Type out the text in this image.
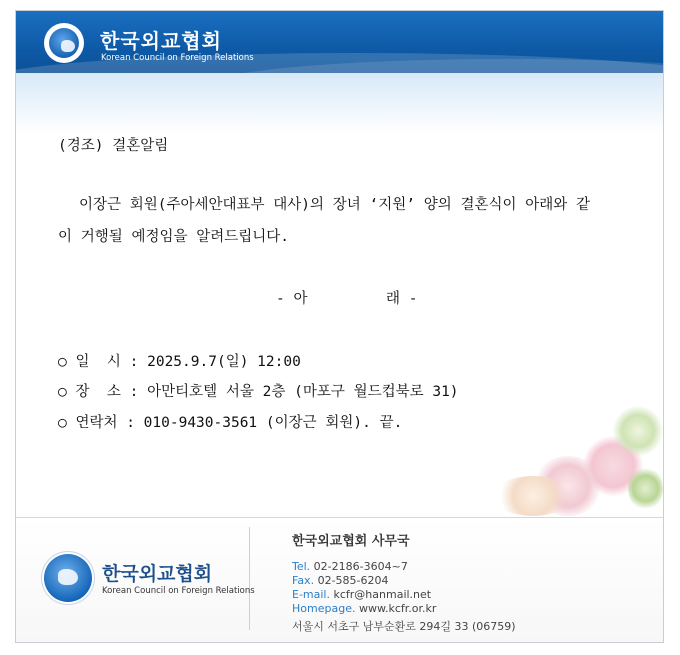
한국외교협회
Korean Council on Foreign Relations
(경조) 결혼알림
이장근 회원(주아세안대표부 대사)의 장녀 ‘지원’ 양의 결혼식이 아래와 같
이 거행될 예정임을 알려드립니다.
- 아         래 -
○ 일  시 : 2025.9.7(일) 12:00
○ 장  소 : 아만티호텔 서울 2층 (마포구 월드컵북로 31)
○ 연락처 : 010-9430-3561 (이장근 회원). 끝.
한국외교협회
Korean Council on Foreign Relations
한국외교협회 사무국
Tel. 02-2186-3604~7
Fax. 02-585-6204
E-mail. kcfr@hanmail.net
Homepage. www.kcfr.or.kr
서울시 서초구 남부순환로 294길 33 (06759)
